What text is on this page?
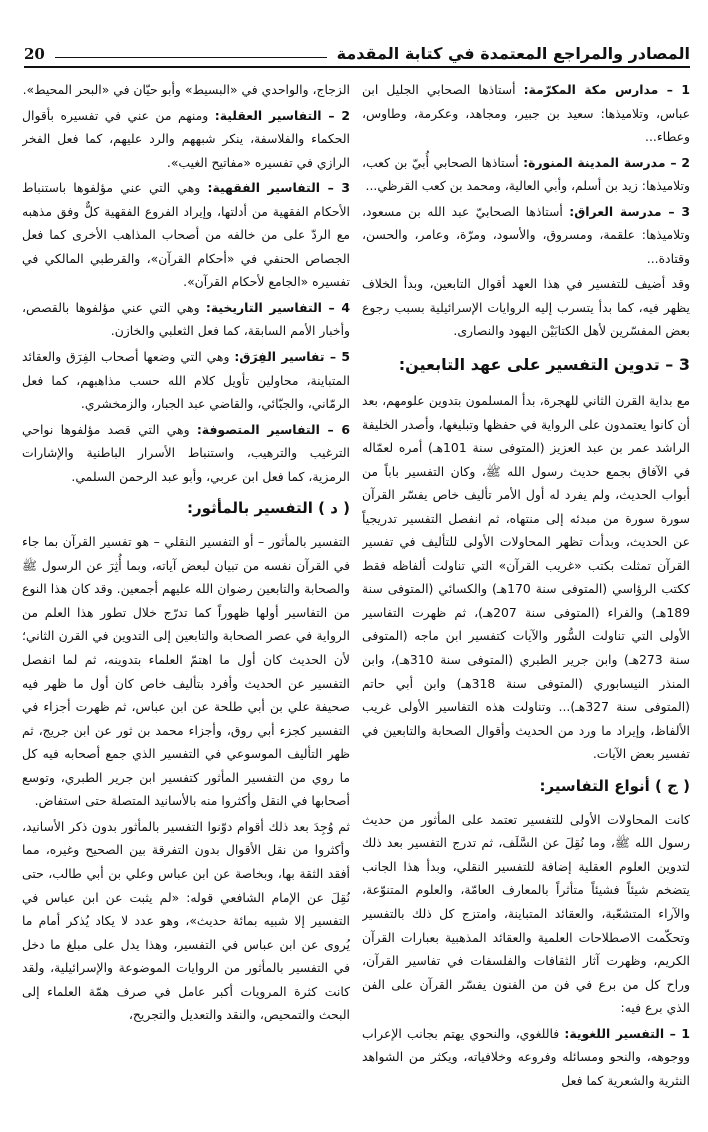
المصادر والمراجع المعتمدة في كتابة المقدمة
20

1 – مدارس مكة المكرّمة: أستاذها الصحابي الجليل ابن عباس، وتلاميذها: سعيد بن جبير، ومجاهد، وعكرمة، وطاوس، وعطاء...

2 – مدرسة المدينة المنورة: أستاذها الصحابي أُبيّ بن كعب، وتلاميذها: زيد بن أسلم، وأبي العالية، ومحمد بن كعب القرظي...

3 – مدرسة العراق: أستاذها الصحابيّ عبد الله بن مسعود، وتلاميذها: علقمة، ومسروق، والأسود، ومرّة، وعامر، والحسن، وقتادة...

وقد أضيف للتفسير في هذا العهد أقوال التابعين، وبدأ الخلاف يظهر فيه، كما بدأ يتسرب إليه الروايات الإسرائيلية بسبب رجوع بعض المفسّرين لأهل الكتابَيْن اليهود والنصارى.

3 – تدوين التفسير على عهد التابعين:

مع بداية القرن الثاني للهجرة، بدأ المسلمون بتدوين علومهم، بعد أن كانوا يعتمدون على الرواية في حفظها وتبليغها، وأصدر الخليفة الراشد عمر بن عبد العزيز (المتوفى سنة 101هـ) أمره لعمّاله في الآفاق بجمع حديث رسول الله ﷺ، وكان التفسير باباً من أبواب الحديث، ولم يفرد له أول الأمر تأليف خاص يفسّر القرآن سورة سورة من مبدئه إلى منتهاه، ثم انفصل التفسير تدريجياً عن الحديث، وبدأت تظهر المحاولات الأولى للتأليف في تفسير القرآن تمثلت بكتب «غريب القرآن» التي تناولت ألفاظه فقط ككتب الرؤاسي (المتوفى سنة 170هـ) والكسائي (المتوفى سنة 189هـ) والفراء (المتوفى سنة 207هـ)، ثم ظهرت التفاسير الأولى التي تناولت السُّور والآيات كتفسير ابن ماجه (المتوفى سنة 273هـ) وابن جرير الطبري (المتوفى سنة 310هـ)، وابن المنذر النيسابوري (المتوفى سنة 318هـ) وابن أبي حاتم (المتوفى سنة 327هـ)... وتناولت هذه التفاسير الأولى غريب الألفاظ، وإيراد ما ورد من الحديث وأقوال الصحابة والتابعين في تفسير بعض الآيات.

( ج ) أنواع التفاسير:

كانت المحاولات الأولى للتفسير تعتمد على المأثور من حديث رسول الله ﷺ، وما نُقِلَ عن السَّلَف، ثم تدرج التفسير بعد ذلك لتدوين العلوم العقلية إضافة للتفسير النقلي، وبدأ هذا الجانب يتضخم شيئاً فشيئاً متأثراً بالمعارف العامّة، والعلوم المتنوّعة، والآراء المتشعّبة، والعقائد المتباينة، وامتزج كل ذلك بالتفسير وتحكّمت الاصطلاحات العلمية والعقائد المذهبية بعبارات القرآن الكريم، وظهرت آثار الثقافات والفلسفات في تفاسير القرآن، وراح كل من برع في فن من الفنون يفسّر القرآن على الفن الذي برع فيه:

1 – التفسير اللغوية: فاللغوي، والنحوي يهتم بجانب الإعراب ووجوهه، والنحو ومسائله وفروعه وخلافياته، ويكثر من الشواهد النثرية والشعرية كما فعل

الزجاج، والواحدي في «البسيط» وأبو حيّان في «البحر المحيط».

2 – التفاسير العقلية: ومنهم من عني في تفسيره بأقوال الحكماء والفلاسفة، ينكر شبههم والرد عليهم، كما فعل الفخر الرازي في تفسيره «مفاتيح الغيب».

3 – التفاسير الفقهية: وهي التي عني مؤلفوها باستنباط الأحكام الفقهية من أدلتها، وإيراد الفروع الفقهية كلٌّ وفق مذهبه مع الردّ على من خالفه من أصحاب المذاهب الأخرى كما فعل الجصاص الحنفي في «أحكام القرآن»، والقرطبي المالكي في تفسيره «الجامع لأحكام القرآن».

4 – التفاسير التاريخية: وهي التي عني مؤلفوها بالقصص، وأخبار الأمم السابقة، كما فعل الثعلبي والخازن.

5 – تفاسير الفِرَق: وهي التي وضعها أصحاب الفِرَق والعقائد المتباينة، محاولين تأويل كلام الله حسب مذاهبهم، كما فعل الرمّاني، والجبّائي، والقاضي عبد الجبار، والزمخشري.

6 – التفاسير المتصوفة: وهي التي قصد مؤلفوها نواحي الترغيب والترهيب، واستنباط الأسرار الباطنية والإشارات الرمزية، كما فعل ابن عربي، وأبو عبد الرحمن السلمي.

( د ) التفسير بالمأثور:

التفسير بالمأثور – أو التفسير النقلي – هو تفسير القرآن بما جاء في القرآن نفسه من تبيان لبعض آياته، وبما أُثِرَ عن الرسول ﷺ والصحابة والتابعين رضوان الله عليهم أجمعين. وقد كان هذا النوع من التفاسير أولها ظهوراً كما تدرّج خلال تطور هذا العلم من الرواية في عصر الصحابة والتابعين إلى التدوين في القرن الثاني؛ لأن الحديث كان أول ما اهتمّ العلماء بتدوينه، ثم لما انفصل التفسير عن الحديث وأفرد بتأليف خاص كان أول ما ظهر فيه صحيفة علي بن أبي طلحة عن ابن عباس، ثم ظهرت أجزاء في التفسير كجزء أبي روق، وأجزاء محمد بن ثور عن ابن جريج، ثم ظهر التأليف الموسوعي في التفسير الذي جمع أصحابه فيه كل ما روي من التفسير المأثور كتفسير ابن جرير الطبري، وتوسع أصحابها في النقل وأكثروا منه بالأسانيد المتصلة حتى استفاض.

ثم وُجِدَ بعد ذلك أقوام دوّنوا التفسير بالمأثور بدون ذكر الأسانيد، وأكثروا من نقل الأقوال بدون التفرقة بين الصحيح وغيره، مما أفقد الثقة بها، وبخاصة عن ابن عباس وعلي بن أبي طالب، حتى نُقِلَ عن الإمام الشافعي قوله: «لم يثبت عن ابن عباس في التفسير إلا شبيه بمائة حديث»، وهو عدد لا يكاد يُذكر أمام ما يُروى عن ابن عباس في التفسير، وهذا يدل على مبلغ ما دخل في التفسير بالمأثور من الروايات الموضوعة والإسرائيلية، ولقد كانت كثرة المرويات أكبر عامل في صرف همّة العلماء إلى البحث والتمحيص، والنقد والتعديل والتجريح،
